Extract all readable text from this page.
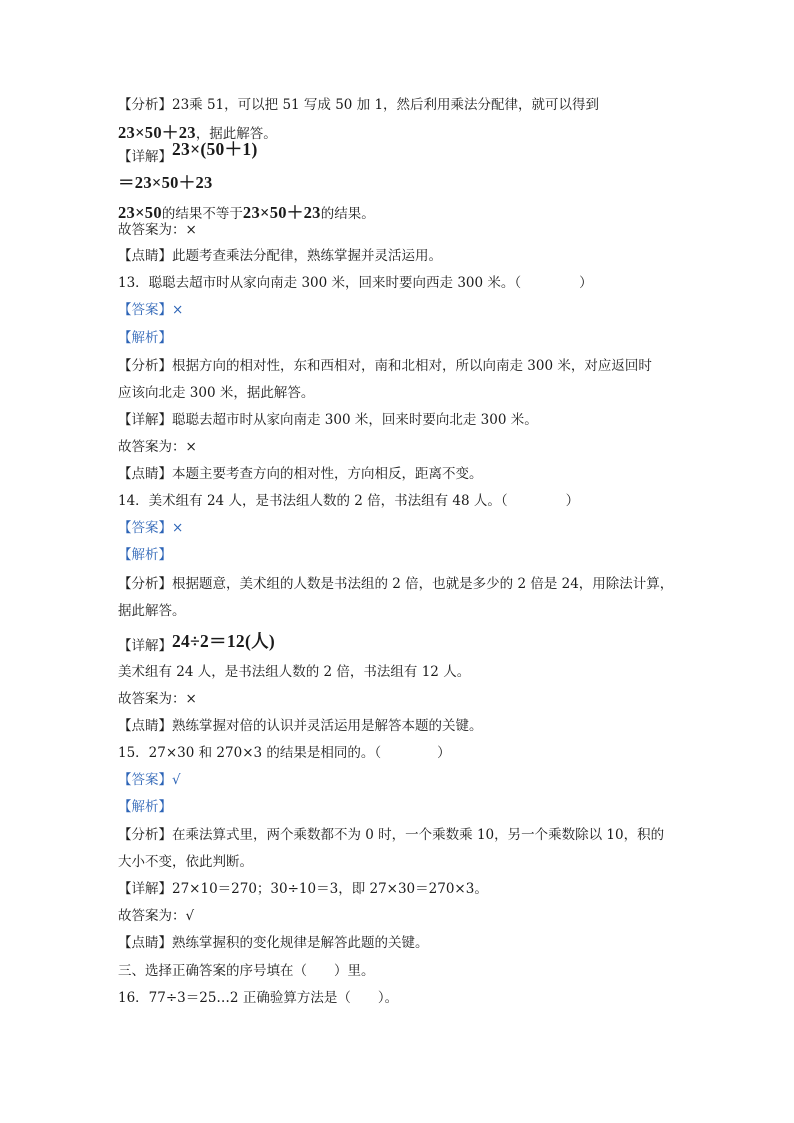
【分析】23乘 51，可以把 51 写成 50 加 1，然后利用乘法分配律，就可以得到
23×50＋23，据此解答。
【详解】23×(50＋1)
＝23×50＋23
23×50的结果不等于23×50＋23的结果。
故答案为：×
【点睛】此题考查乘法分配律，熟练掌握并灵活运用。
13．聪聪去超市时从家向南走 300 米，回来时要向西走 300 米。（	）
【答案】×
【解析】
【分析】根据方向的相对性，东和西相对，南和北相对，所以向南走 300 米，对应返回时
应该向北走 300 米，据此解答。
【详解】聪聪去超市时从家向南走 300 米，回来时要向北走 300 米。
故答案为：×
【点睛】本题主要考查方向的相对性，方向相反，距离不变。
14．美术组有 24 人，是书法组人数的 2 倍，书法组有 48 人。（	）
【答案】×
【解析】
【分析】根据题意，美术组的人数是书法组的 2 倍，也就是多少的 2 倍是 24，用除法计算，
据此解答。
【详解】24÷2＝12(人)
美术组有 24 人，是书法组人数的 2 倍，书法组有 12 人。
故答案为：×
【点睛】熟练掌握对倍的认识并灵活运用是解答本题的关键。
15．27×30 和 270×3 的结果是相同的。（	）
【答案】√
【解析】
【分析】在乘法算式里，两个乘数都不为 0 时，一个乘数乘 10，另一个乘数除以 10，积的
大小不变，依此判断。
【详解】27×10＝270；30÷10＝3，即 27×30＝270×3。
故答案为：√
【点睛】熟练掌握积的变化规律是解答此题的关键。
三、选择正确答案的序号填在（　　）里。
16．77÷3＝25…2 正确验算方法是（　　）。
